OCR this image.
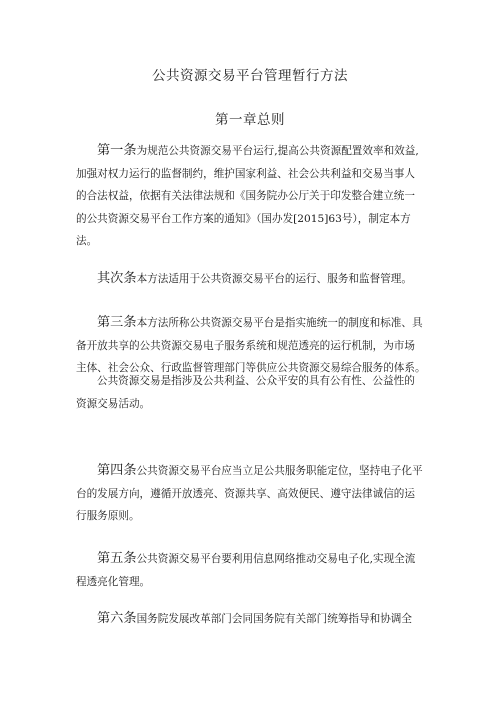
公共资源交易平台管理暂行方法
第一章总则
第一条为规范公共资源交易平台运行,提高公共资源配置效率和效益,
加强对权力运行的监督制约，维护国家利益、社会公共利益和交易当事人
的合法权益，依据有关法律法规和《国务院办公厅关于印发整合建立统一
的公共资源交易平台工作方案的通知》（国办发[2015]63号），制定本方
法。
其次条本方法适用于公共资源交易平台的运行、服务和监督管理。
第三条本方法所称公共资源交易平台是指实施统一的制度和标准、具
备开放共享的公共资源交易电子服务系统和规范透亮的运行机制，为市场
主体、社会公众、行政监督管理部门等供应公共资源交易综合服务的体系。
公共资源交易是指涉及公共利益、公众平安的具有公有性、公益性的
资源交易活动。
第四条公共资源交易平台应当立足公共服务职能定位，坚持电子化平
台的发展方向，遵循开放透亮、资源共享、高效便民、遵守法律诚信的运
行服务原则。
第五条公共资源交易平台要利用信息网络推动交易电子化,实现全流
程透亮化管理。
第六条国务院发展改革部门会同国务院有关部门统筹指导和协调全
